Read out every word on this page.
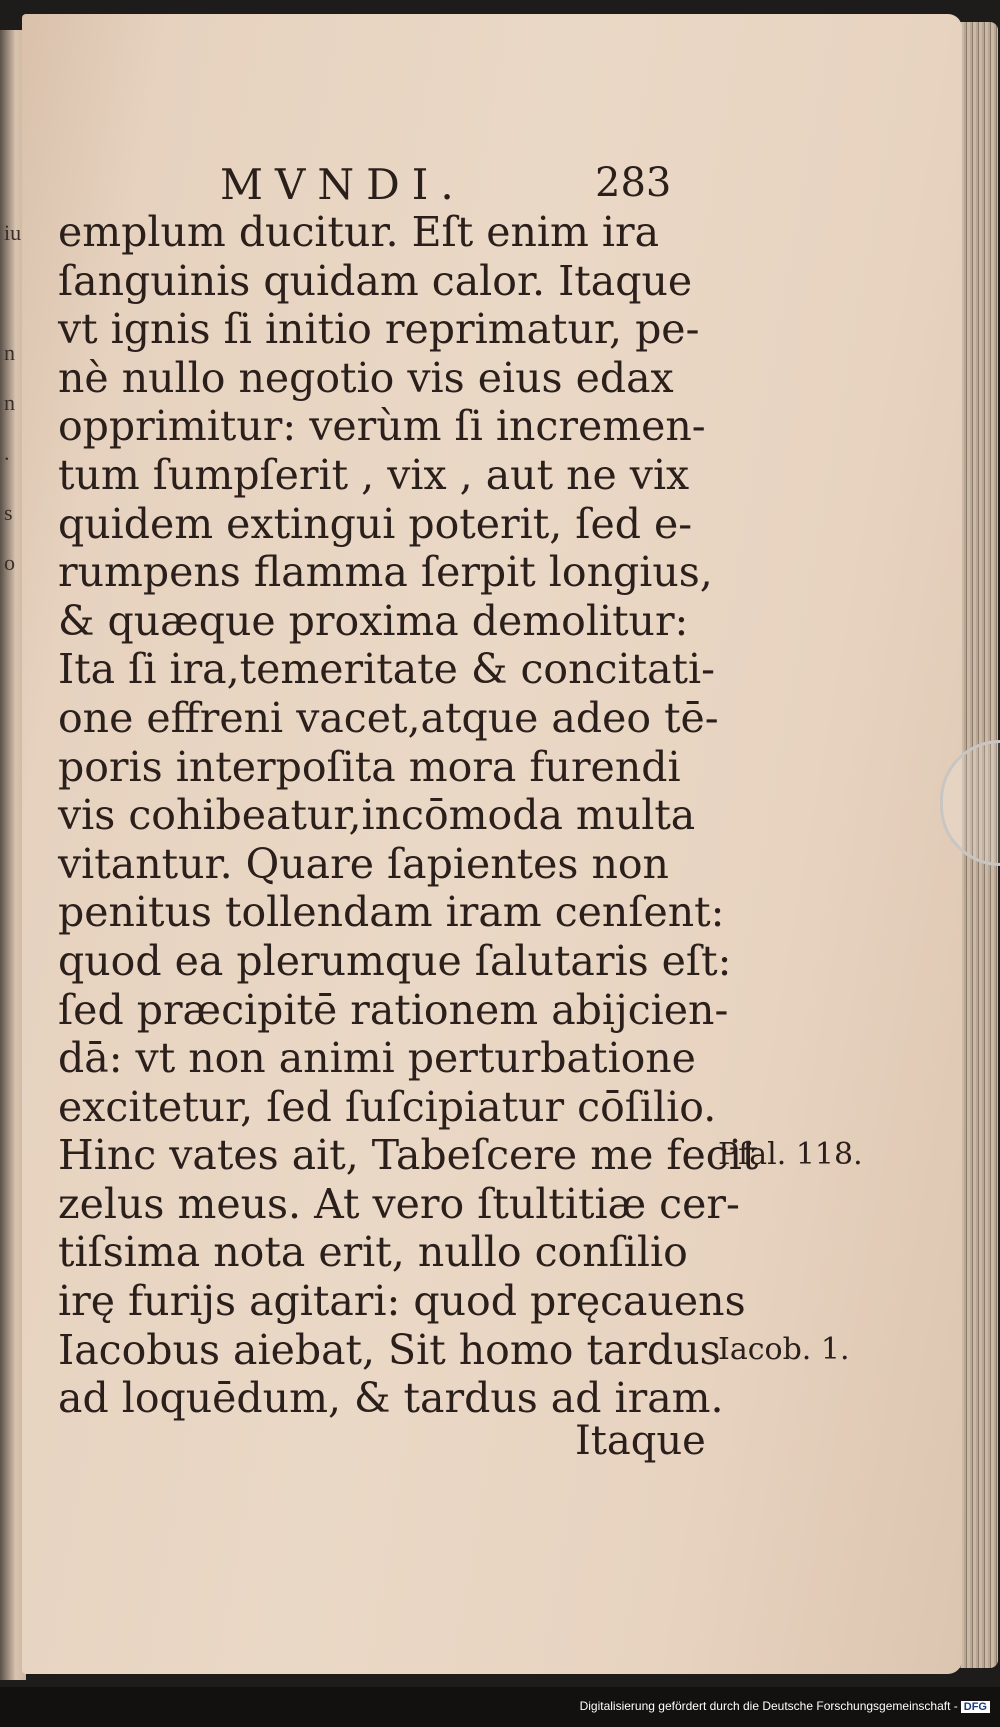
iu
n
n
.
s
o
MVNDI.	283
emplum ducitur. Eſt enim ira
ſanguinis quidam calor. Itaque
vt ignis ſi initio reprimatur, pe-
nè nullo negotio vis eius edax
opprimitur: verùm ſi incremen-
tum ſumpſerit , vix , aut ne vix
quidem extingui poterit, ſed e-
rumpens flamma ſerpit longius,
& quæque proxima demolitur:
Ita ſi ira,temeritate & concitati-
one effreni vacet,atque adeo tē-
poris interpoſita mora furendi
vis cohibeatur,incōmoda multa
vitantur. Quare ſapientes non
penitus tollendam iram cenſent:
quod ea plerumque ſalutaris eſt:
ſed præcipitē rationem abijcien-
dā: vt non animi perturbatione
excitetur, ſed ſuſcipiatur cōſilio.
Hinc vates ait, Tabeſcere me fecit
zelus meus. At vero ſtultitiæ cer-
tiſsima nota erit, nullo conſilio
irę furijs agitari: quod pręcauens
Iacobus aiebat, Sit homo tardus
ad loquēdum, & tardus ad iram.
Pſal. 118.
Iacob. 1.
Itaque
Digitalisierung gefördert durch die Deutsche Forschungsgemeinschaft - DFG
